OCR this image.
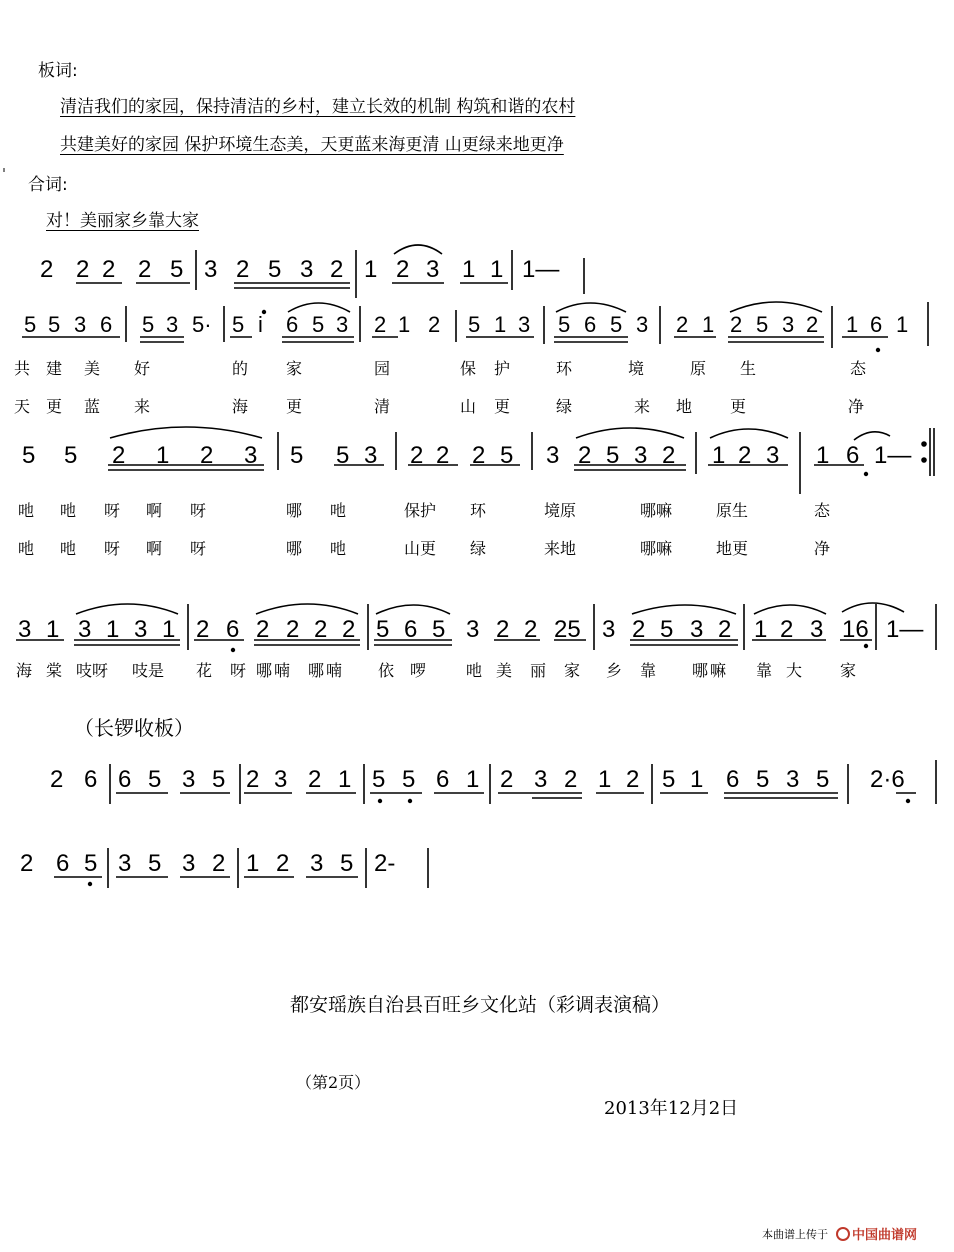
板词:
清洁我们的家园，保持清洁的乡村，建立长效的机制 构筑和谐的农村
共建美好的家园 保护环境生态美，天更蓝来海更清 山更绿来地更净
合词:
对！美丽家乡靠大家
2 2 2 2 5 3 2 5 3 2 1 2 3 1 1 1—
5 5 3 6 5 3 5· 5 i 6 5 3 2 1 2 5 1 3 5 6 5 3 2 1 2 5 3 2 1 6 1
共 建 美 好	的 家	园	保 护	环	境	原 生	态
天 更 蓝 来	海 更	清	山 更	绿	来 地 更	净
5 5 2 1 2 3 5 5 3 2 2 2 5 3 2 5 3 2 1 2 3 1 6 1—
吔 吔 呀 啊 呀	哪 吔	保护 环	境原	哪嘛	原生	态
吔 吔 呀 啊 呀	哪 吔	山更 绿	来地	哪嘛	地更	净
3 1 3 1 3 1 2 6 2 2 2 2 5 6 5 3 2 2 25 3 2 5 3 2 1 2 3 16 1—
海 棠 吱呀 吱是 花 呀 哪 喃 哪 喃 依 啰 吔 美 丽 家 乡 靠 哪 嘛 靠 大 家
（长锣收板）
2 6 6 5 3 5 2 3 2 1 5 5 6 1 2 3 2 1 2 5 1 6 5 3 5 2·6
2 6 5 3 5 3 2 1 2 3 5 2-
都安瑶族自治县百旺乡文化站（彩调表演稿）
（第2页）
2013年12月2日
本曲谱上传于	中国曲谱网
